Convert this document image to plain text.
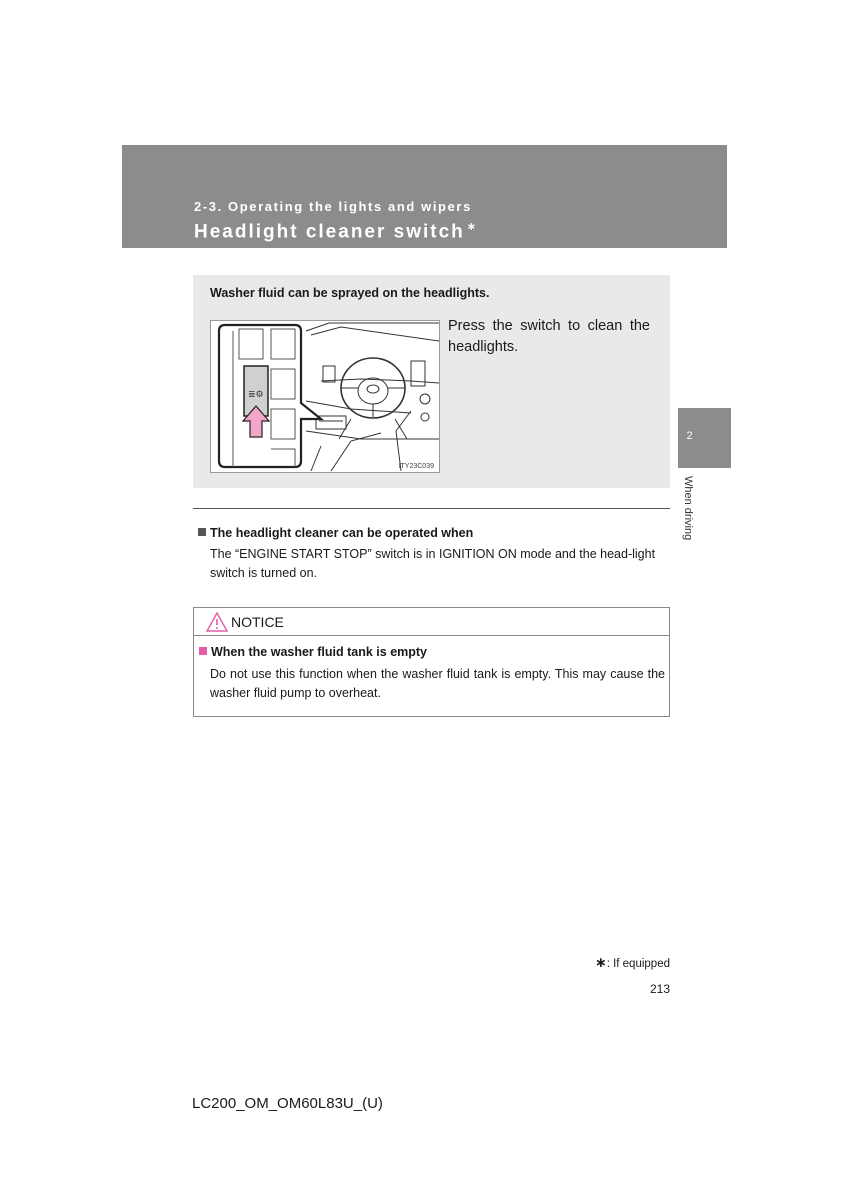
2-3. Operating the lights and wipers
Headlight cleaner switch ∗
2
When driving
Washer fluid can be sprayed on the headlights.
≣⚙
ITY23C039
Press the switch to clean the headlights.
The headlight cleaner can be operated when
The “ENGINE START STOP” switch is in IGNITION ON mode and the head-light switch is turned on.
NOTICE
When the washer fluid tank is empty
Do not use this function when the washer fluid tank is empty. This may cause the washer fluid pump to overheat.
∗: If equipped
213
LC200_OM_OM60L83U_(U)
